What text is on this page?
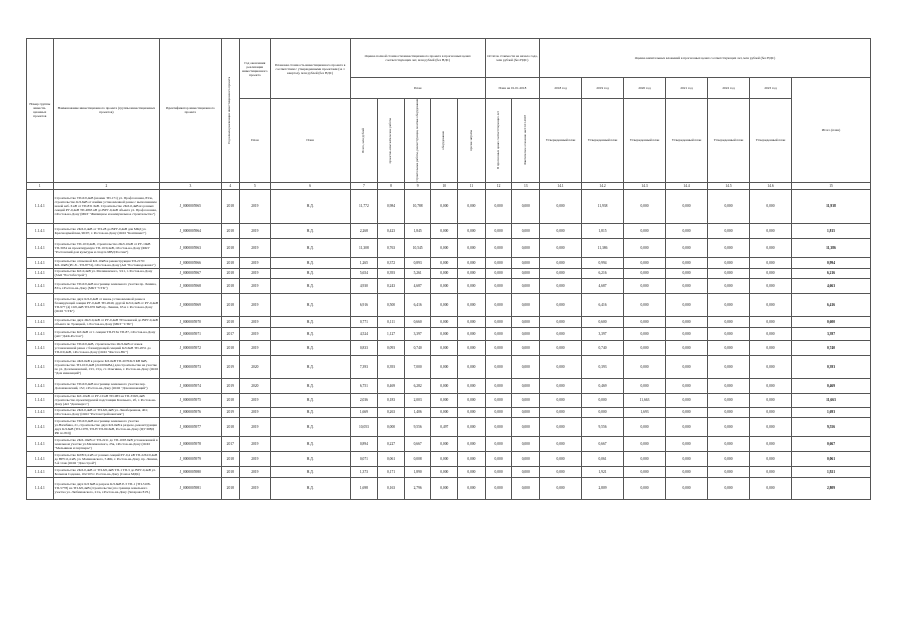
Номер группы инвести- ционных проектов	Наименование инвестиционного проекта (группы инвестиционных проектов)	Идентификатор инвестиционного проекта	Год начала реализации инвестиционного проекта	Год окончания реализации инвестиционного проекта	Плановая стоимость инвестиционного проекта в соответствии с утвержденными проектами (за 1 квартал), млн рублей (без НДС)	Оценка полной стоимости инвестиционного проекта в прогнозных ценах соответствующих лет, млн рублей (без НДС)					Остаток стоимости на начало года, млн рублей (без НДС)		Оценка капитальных вложений в прогнозных ценах соответствующих лет, млн рублей (без НДС)						
						План					План на 01.01.2018		2018 год	2019 год	2020 год	2021 год	2022 год	2023 год	Итого (план)
				План	План	Всего, млн рублей	проектно-изыскательские работы	строительные работы, реконструкция, монтаж оборудования	оборудование	прочие затраты	В прогнозных ценах соответствующих лет	Фактическое освоение на 01.01.2018	Утвержденный план	Утвержденный план	Утвержденный план	Утвержденный план	Утвержденный план	Утвержденный план	
1	2	3	4	5	6	7	8	9	10	11	12	13	14.1	14.2	14.3	14.4	14.5	14.6	15
1.1.4.1	Строительство ТП-6/0,4кВ (взамен ТП-171) ул. Профсоюзная, 83/ж, строительство КЛ-6кВ от ячейки установленной ранее с выполнением новой каб. 6 кВ от ТП-831 6кВ. Строительство 2КЛ-0,4кВ из разных секций РУ-0,4кВ ТП-4863 кВ до ВРУ-0,4кВ объекта ул. Профсоюзная, г.Ростов-на-Дону (МКТ "Жилищное и коммунальное строительство")	J_0000005965	2018	2019	Н.Д.	11,772	0,984	10,788	0,000	0,000	0,000	0,000	0,000	11,938	0,000	0,000	0,000	0,000	11,938
1.1.4.1	Строительство 2КЛ-0,4кВ от ТП-28 до ВРУ-0,4кВ для МКД ул. Красноармейская, 96/97, г. Ростов-на-Дону (ООО "Континент")	J_0000005964	2018	2019	Н.Д.	2,268	0,423	1,845	0,000	0,000	0,000	0,000	0,000	1,815	0,000	0,000	0,000	0,000	1,815
1.1.4.1	Строительство ТП-10/0,4кВ, строительство 2КЛ-10кВ от РУ-10кВ ТП-3034 на проектируемую ТП-10/0,4кВ, г.Ростов-на-Дону (ФКУ "Ростовский дом культуры и спорта МВД России")	J_0000005963	2018	2019	Н.Д.	11,308	0,763	10,545	0,000	0,000	0,000	0,000	0,000	11,386	0,000	0,000	0,000	0,000	11,386
1.1.4.1	Строительство отпаечной КЛ-10кВ и реконструкция ТП-2170/ КЛ-10кВ (РС-8 - ТП-8774), г.Ростов-на-Дону (АО "Ростовводоканал")	J_0000005966	2018	2019	Н.Д.	1,265	0,372	0,893	0,000	0,000	0,000	0,000	0,000	0,994	0,000	0,000	0,000	0,000	0,994
1.1.4.1	Строительство КЛ-0,4кВ ул. Малиновского, 3/21, г. Ростов-на-Дону (ЗАО "Ростоблстрой")	J_0000005967	2018	2019	Н.Д.	5,654	0,393	5,261	0,000	0,000	0,000	0,000	0,000	6,216	0,000	0,000	0,000	0,000	6,216
1.1.4.1	Строительство ТП-6/0,4кВ на границе земельного участка пр. Ленина, 83/а, г.Ростов-на-Дону (МКТ "СТК")	J_0000005968	2018	2019	Н.Д.	4,930	0,243	4,687	0,000	0,000	0,000	0,000	0,000	4,687	0,000	0,000	0,000	0,000	4,663
1.1.4.1	Строительство двух КЛ-0,4кВ от вновь установленной ранее в блокирующей секции РУ-0,4кВ ТП-2649, другой КЛ-0,4кВ от РУ-0,4кВ ТП-977 (4) 10/0,4кВ ТП-676 6кВ пр. Ленина, 65 и г. Ростов-на-Дону (ООО "СТК")	J_0000005969	2018	2019	Н.Д.	6,916	0,500	6,416	0,000	0,000	0,000	0,000	0,000	6,416	0,000	0,000	0,000	0,000	6,416
1.1.4.1	Строительство двух 2КЛ-0,4кВ от РУ-0,4кВ ТП нежилой до ВРУ-0,4кВ объекта по Троицкой, г. Ростов-на-Дону (МКТ "СТК")	J_0000005970	2018	2019	Н.Д.	0,771	0,111	0,660	0,000	0,000	0,000	0,000	0,000	0,600	0,000	0,000	0,000	0,000	0,600
1.1.4.1	Строительство КЛ-6кВ от 1 секции ТП-Н 3н ТП-87, г.Ростов-на-Дону (АО "ДАК-Ростов")	J_0000005971	2017	2019	Н.Д.	4,524	1,127	3,397	0,000	0,000	0,000	0,000	0,000	3,397	0,000	0,000	0,000	0,000	3,397
1.1.4.1	Строительство ТП-6/0,4кВ, строительство 2КЛ-6кВ от ячеек установленной ранее с блокирующей секцией КЛ-6кВ ТП-2051 до ТП-6/0,4кВ, г.Ростов-на-Дону (ООО "Фестал-Юг")	J_0000005972	2018	2019	Н.Д.	0,833	0,093	0,740	0,000	0,000	0,000	0,000	0,000	0,740	0,000	0,000	0,000	0,000	0,740
1.1.4.1	Строительство 4КЛ-6кВ в разрезе КЛ-6кВ ТП-2076/КЛ КВ 6кВ, строительство ТП-10/0,4кВ (2x1600кВА) для строительства на участке по ул. Доломановский, 13/г, 13/д, ст. Ольгинка, г. Ростов-на-Дону (ООО "Дом инноваций")	J_0000005973	2019	2020	Н.Д.	7,393	0,393	7,000	0,000	0,000	0,000	0,000	0,000	0,393	0,000	0,000	0,000	0,000	0,393
1.1.4.1	Строительство ТП-6/0,4кВ на границе земельного участка пер. Доломановский, 13/г, г.Ростов-на-Дону (ООО "Дом инноваций")	J_0000005974	2019	2020	Н.Д.	6,751	0,469	6,282	0,000	0,000	0,000	0,000	0,000	0,469	0,000	0,000	0,000	0,000	0,469
1.1.4.1	Строительство КЛ-10кВ от РУ-10 кВ ТП-983 на ТП-339/0,4кВ строительство проектируемой подстанции Казачьего, 2б, г. Ростов-на-Дону (АО "Донэнерго")	J_0000005975	2018	2019	Н.Д.	2,036	0,183	2,003	0,000	0,000	0,000	0,000	0,000	0,000	11,663	0,000	0,000	0,000	11,663
1.1.4.1	Строительство 2КЛ-0,4кВ от ТП-6/0,4кВ ул. Левобережная, 40/г, г.Ростов-на-Дону (ООО "Ростовстройзаказчик")	J_0000005976	2019	2019	Н.Д.	1,669	0,263	1,406	0,000	0,000	0,000	0,000	0,000	0,000	1,693	0,000	0,000	0,000	1,693
1.1.4.1	Строительство ТП-6/0,4кВ на границе земельного участка ул.Нагибина, 21, строительство двух КЛ-6кВ в разрезе, реконструкция двух КЛ-6кВ (ТП-1078, ТП-Н ТП-69-6кВ, Ростов-на-Дону (ЦУ МВД РФ по РО))	J_0000005977	2018	2019	Н.Д.	10,053	0,000	9,556	0,497	0,000	0,000	0,000	0,000	9,556	0,000	0,000	0,000	0,000	9,556
1.1.4.1	Строительство 2КЛ-10кВ от ТП-2211 до ТП-1093 6кВ установленной в земельном участке ул.Малиновского, 25в, г.Ростов-на-Дону (ООО "Мельников и партнеры")	J_0000005978	2017	2019	Н.Д.	0,894	0,227	0,667	0,000	0,000	0,000	0,000	0,000	0,667	0,000	0,000	0,000	0,000	0,667
1.1.4.1	Строительство КЛВ 0,4 кВ от разных секций РУ-0,4 кВ ТП-2261/0,4кВ до ВРУ-0,4 кВ, ул. Малиновского, 5 ЖК, г. Ростов-на-Дону, пр. Ленина, 5-й этаж (ООО "Дом строй")	J_0000005979	2018	2019	Н.Д.	0,071	0,061	0,008	0,000	0,000	0,000	0,000	0,000	0,061	0,000	0,000	0,000	0,000	0,061
1.1.4.1	Строительство 2КЛ-0,4кВ от ТП-6/0,4кВ ТП-1 ТП-5 до ВРУ-0,4кВ ул. Большая Садовая, 102/103 г. Ростов-на-Дону (Самое МДК)	J_0000005980	2018	2019	Н.Д.	1,373	0,171	1,890	0,000	0,000	0,000	0,000	0,000	1,921	0,000	0,000	0,000	0,000	1,921
1.1.4.1	Строительство двух КЛ 6кВ в разрезе КЛ-6кВ Р-3 ТП-1 (ТП-3108-ТП-5778) на ТП-6/0,4кВ (строительство) по границе земельного участка ул. Любимовского, 21/а, г.Ростов-на-Дону (Захарова Е.Н.)	J_0000005981	2018	2019	Н.Д.	1,698	0,163	2,796	0,000	0,000	0,000	0,000	0,000	2,809	0,000	0,000	0,000	0,000	2,809
